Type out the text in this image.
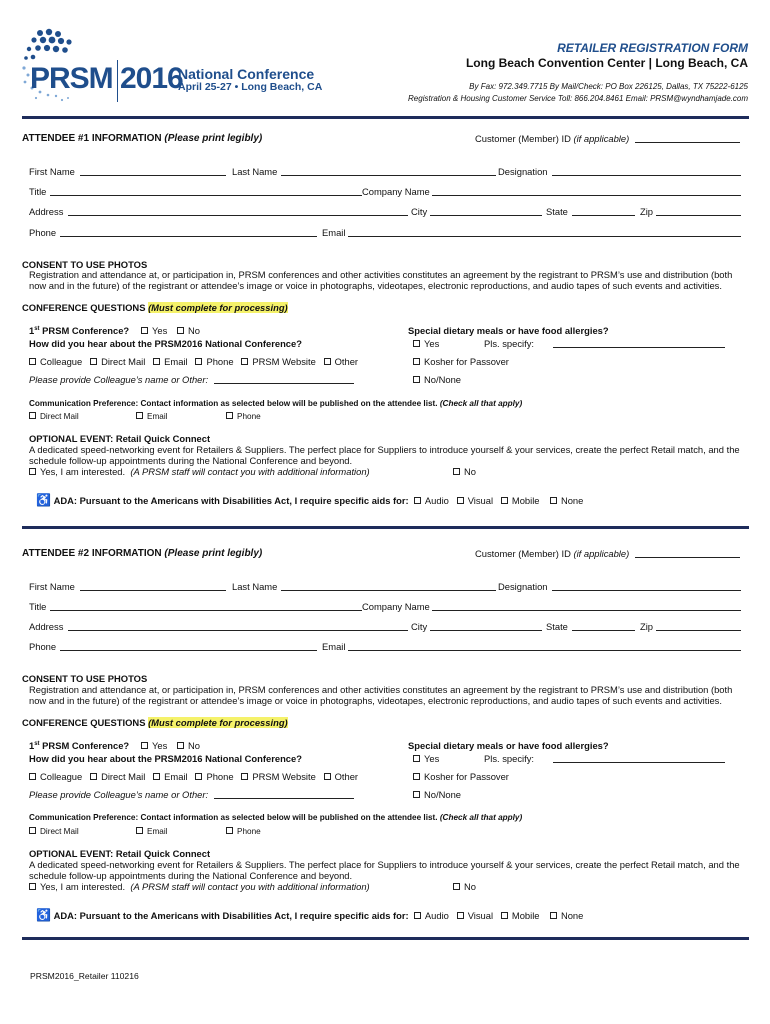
PRSM 2016
National Conference
April 25-27 • Long Beach, CA
RETAILER REGISTRATION FORM
Long Beach Convention Center | Long Beach, CA
By Fax: 972.349.7715 By Mail/Check: PO Box 226125, Dallas, TX 75222-6125
Registration & Housing Customer Service Toll: 866.204.8461 Email: PRSM@wyndhamjade.com
ATTENDEE #1 INFORMATION (Please print legibly)	Customer (Member) ID (if applicable)
First Name	Last Name	Designation
Title	Company Name
Address	City	State	Zip
Phone	Email
CONSENT TO USE PHOTOS
Registration and attendance at, or participation in, PRSM conferences and other activities constitutes an agreement by the registrant to PRSM’s use and distribution (both now and in the future) of the registrant or attendee’s image or voice in photographs, videotapes, electronic reproductions, and audio tapes of such events and activities.
CONFERENCE QUESTIONS (Must complete for processing)
1st PRSM Conference?	Yes	No
How did you hear about the PRSM2016 National Conference?
Special dietary meals or have food allergies?
Yes	Pls. specify:
Colleague Direct Mail Email Phone PRSM Website Other	Kosher for Passover
Please provide Colleague’s name or Other:	No/None
Communication Preference: Contact information as selected below will be published on the attendee list. (Check all that apply)
Direct Mail	Email	Phone
OPTIONAL EVENT: Retail Quick Connect
A dedicated speed-networking event for Retailers & Suppliers. The perfect place for Suppliers to introduce yourself & your services, create the perfect Retail match, and the schedule follow-up appointments during the National Conference and beyond.
Yes, I am interested. (A PRSM staff will contact you with additional information)	No
♿ ADA: Pursuant to the Americans with Disabilities Act, I require specific aids for: Audio Visual Mobile None
ATTENDEE #2 INFORMATION (Please print legibly)	Customer (Member) ID (if applicable)
First Name	Last Name	Designation
Title	Company Name
Address	City	State	Zip
Phone	Email
CONSENT TO USE PHOTOS
Registration and attendance at, or participation in, PRSM conferences and other activities constitutes an agreement by the registrant to PRSM’s use and distribution (both now and in the future) of the registrant or attendee’s image or voice in photographs, videotapes, electronic reproductions, and audio tapes of such events and activities.
CONFERENCE QUESTIONS (Must complete for processing)
1st PRSM Conference?	Yes	No
How did you hear about the PRSM2016 National Conference?
Special dietary meals or have food allergies?
Yes	Pls. specify:
Colleague Direct Mail Email Phone PRSM Website Other	Kosher for Passover
Please provide Colleague’s name or Other:	No/None
Communication Preference: Contact information as selected below will be published on the attendee list. (Check all that apply)
Direct Mail	Email	Phone
OPTIONAL EVENT: Retail Quick Connect
A dedicated speed-networking event for Retailers & Suppliers. The perfect place for Suppliers to introduce yourself & your services, create the perfect Retail match, and the schedule follow-up appointments during the National Conference and beyond.
Yes, I am interested. (A PRSM staff will contact you with additional information)	No
♿ ADA: Pursuant to the Americans with Disabilities Act, I require specific aids for: Audio Visual Mobile None
PRSM2016_Retailer 110216
